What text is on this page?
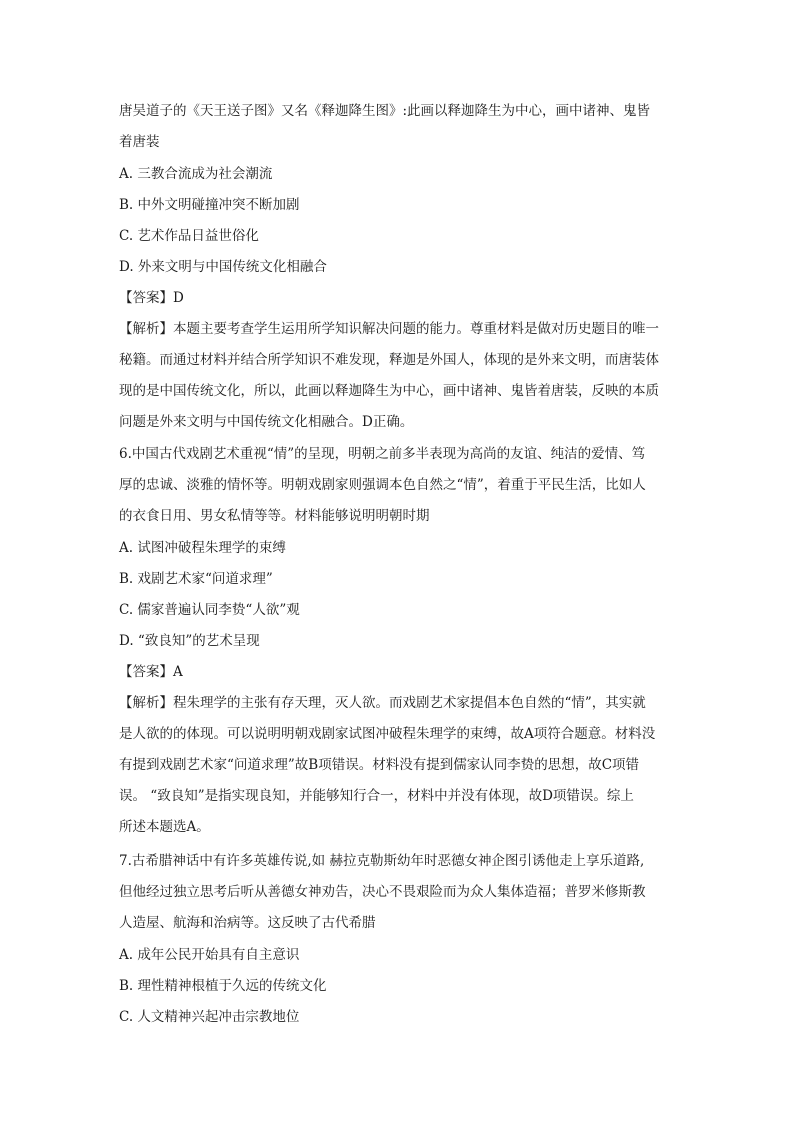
唐吴道子的《天王送子图》又名《释迦降生图》:此画以释迦降生为中心，画中诸神、鬼皆
着唐装
A. 三教合流成为社会潮流
B. 中外文明碰撞冲突不断加剧
C. 艺术作品日益世俗化
D. 外来文明与中国传统文化相融合
【答案】D
【解析】本题主要考查学生运用所学知识解决问题的能力。尊重材料是做对历史题目的唯一
秘籍。而通过材料并结合所学知识不难发现，释迦是外国人，体现的是外来文明，而唐装体
现的是中国传统文化，所以，此画以释迦降生为中心，画中诸神、鬼皆着唐装，反映的本质
问题是外来文明与中国传统文化相融合。D正确。
6.中国古代戏剧艺术重视“情”的呈现，明朝之前多半表现为高尚的友谊、纯洁的爱情、笃
厚的忠诚、淡雅的情怀等。明朝戏剧家则强调本色自然之“情”，着重于平民生活，比如人
的衣食日用、男女私情等等。材料能够说明明朝时期
A. 试图冲破程朱理学的束缚
B. 戏剧艺术家“问道求理”
C. 儒家普遍认同李贽“人欲”观
D. “致良知”的艺术呈现
【答案】A
【解析】程朱理学的主张有存天理，灭人欲。而戏剧艺术家提倡本色自然的“情”，其实就
是人欲的的体现。可以说明明朝戏剧家试图冲破程朱理学的束缚，故A项符合题意。材料没
有提到戏剧艺术家“问道求理”故B项错误。材料没有提到儒家认同李贽的思想，故C项错
误。 “致良知”是指实现良知，并能够知行合一，材料中并没有体现，故D项错误。综上
所述本题选A。
7.古希腊神话中有许多英雄传说,如 赫拉克勒斯幼年时恶德女神企图引诱他走上享乐道路,
但他经过独立思考后听从善德女神劝告，决心不畏艰险而为众人集体造福；普罗米修斯教
人造屋、航海和治病等。这反映了古代希腊
A. 成年公民开始具有自主意识
B. 理性精神根植于久远的传统文化
C. 人文精神兴起冲击宗教地位
